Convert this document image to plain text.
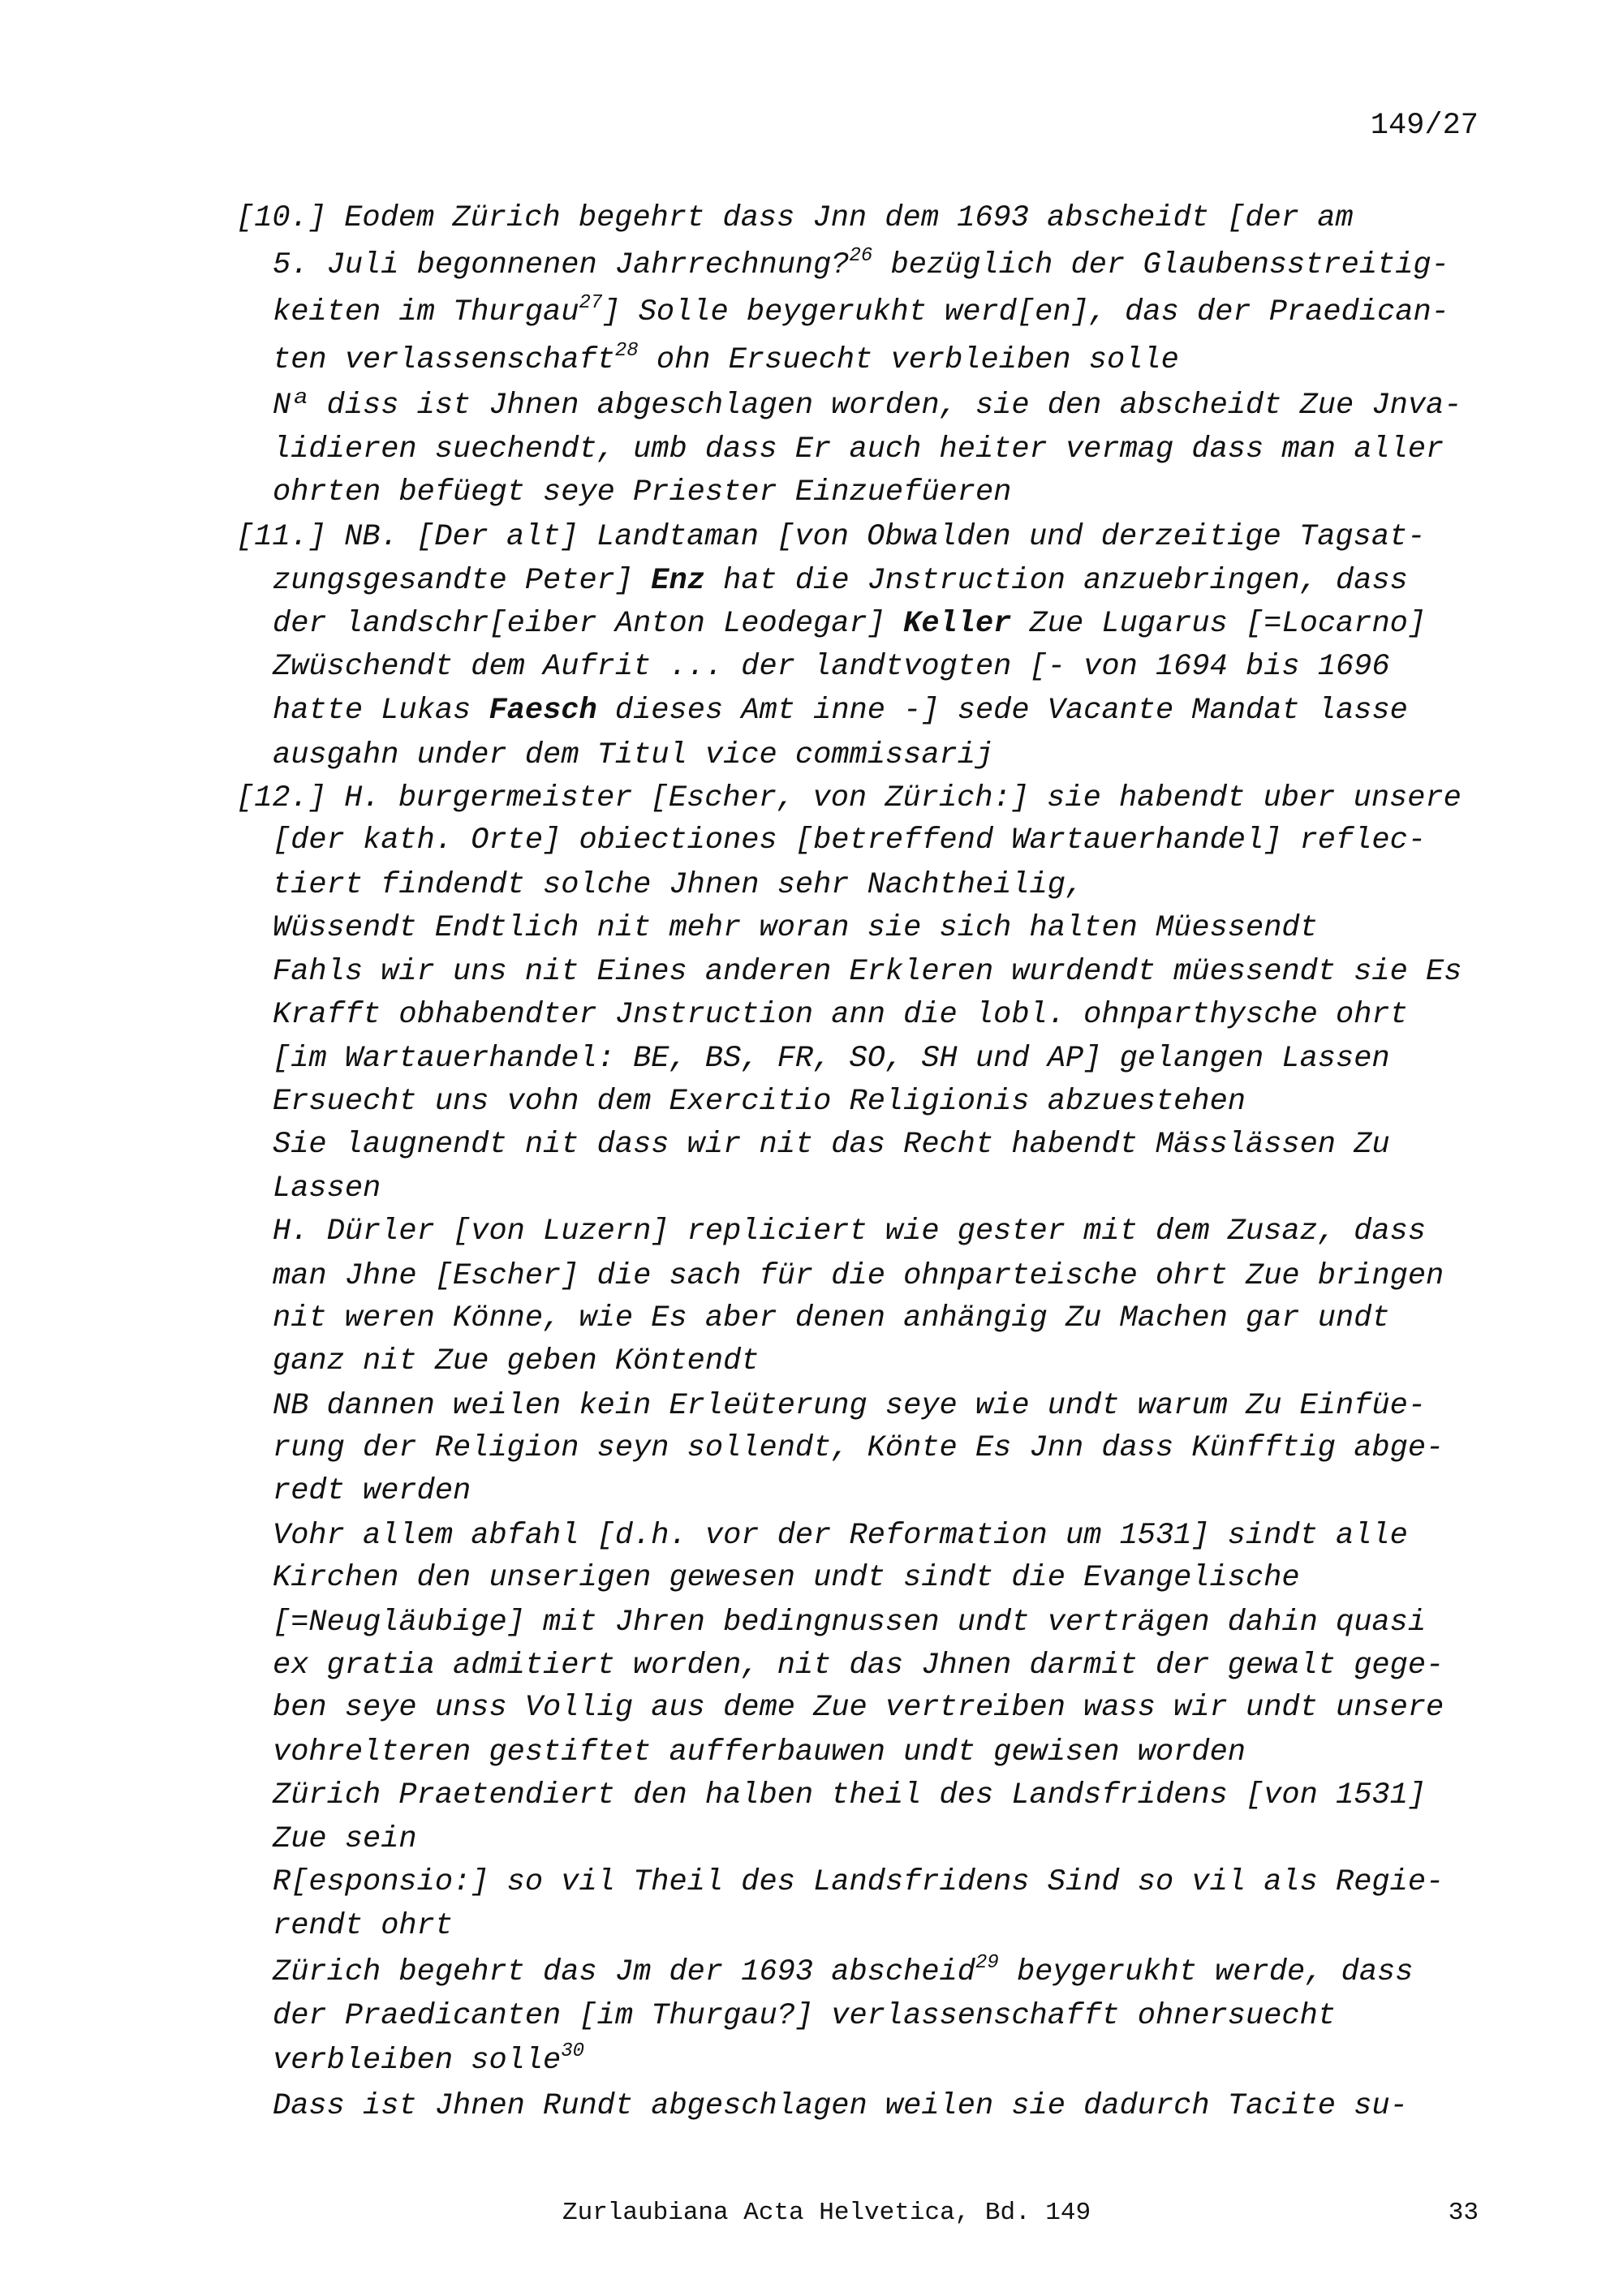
149/27
[10.] Eodem Zürich begehrt dass Jnn dem 1693 abscheidt [der am
5. Juli begonnenen Jahrrechnung?$^{26}$ bezüglich der Glaubensstreitig-
keiten im Thurgau$^{27}$] Solle beygerukht werd[en], das der Praedican-
ten verlassenschaft$^{28}$ ohn Ersuecht verbleiben solle
Nª diss ist Jhnen abgeschlagen worden, sie den abscheidt Zue Jnva-
lidieren suechendt, umb dass Er auch heiter vermag dass man aller
ohrten befüegt seye Priester Einzuefüeren
[11.] NB. [Der alt] Landtaman [von Obwalden und derzeitige Tagsat-
zungsgesandte Peter] Enz hat die Jnstruction anzuebringen, dass
der landschr[eiber Anton Leodegar] Keller Zue Lugarus [=Locarno]
Zwüschendt dem Aufrit ... der landtvogten [- von 1694 bis 1696
hatte Lukas Faesch dieses Amt inne -] sede Vacante Mandat lasse
ausgahn under dem Titul vice commissarij
[12.] H. burgermeister [Escher, von Zürich:] sie habendt uber unsere
[der kath. Orte] obiectiones [betreffend Wartauerhandel] reflec-
tiert findendt solche Jhnen sehr Nachtheilig,
Wüssendt Endtlich nit mehr woran sie sich halten Müessendt
Fahls wir uns nit Eines anderen Erkleren wurdendt müessendt sie Es
Krafft obhabendter Jnstruction ann die lobl. ohnparthysche ohrt
[im Wartauerhandel: BE, BS, FR, SO, SH und AP] gelangen Lassen
Ersuecht uns vohn dem Exercitio Religionis abzuestehen
Sie laugnendt nit dass wir nit das Recht habendt Mässlässen Zu
Lassen
H. Dürler [von Luzern] repliciert wie gester mit dem Zusaz, dass
man Jhne [Escher] die sach für die ohnparteische ohrt Zue bringen
nit weren Könne, wie Es aber denen anhängig Zu Machen gar undt
ganz nit Zue geben Köntendt
NB dannen weilen kein Erleüterung seye wie undt warum Zu Einfüe-
rung der Religion seyn sollendt, Könte Es Jnn dass Künfftig abge-
redt werden
Vohr allem abfahl [d.h. vor der Reformation um 1531] sindt alle
Kirchen den unserigen gewesen undt sindt die Evangelische
[=Neugläubige] mit Jhren bedingnussen undt verträgen dahin quasi
ex gratia admitiert worden, nit das Jhnen darmit der gewalt gege-
ben seye unss Vollig aus deme Zue vertreiben wass wir undt unsere
vohrelteren gestiftet aufferbauwen undt gewisen worden
Zürich Praetendiert den halben theil des Landsfridens [von 1531]
Zue sein
R[esponsio:] so vil Theil des Landsfridens Sind so vil als Regie-
rendt ohrt
Zürich begehrt das Jm der 1693 abscheid$^{29}$ beygerukht werde, dass
der Praedicanten [im Thurgau?] verlassenschafft ohnersuecht
verbleiben solle$^{30}$
Dass ist Jhnen Rundt abgeschlagen weilen sie dadurch Tacite su-
Zurlaubiana Acta Helvetica, Bd. 149	33
